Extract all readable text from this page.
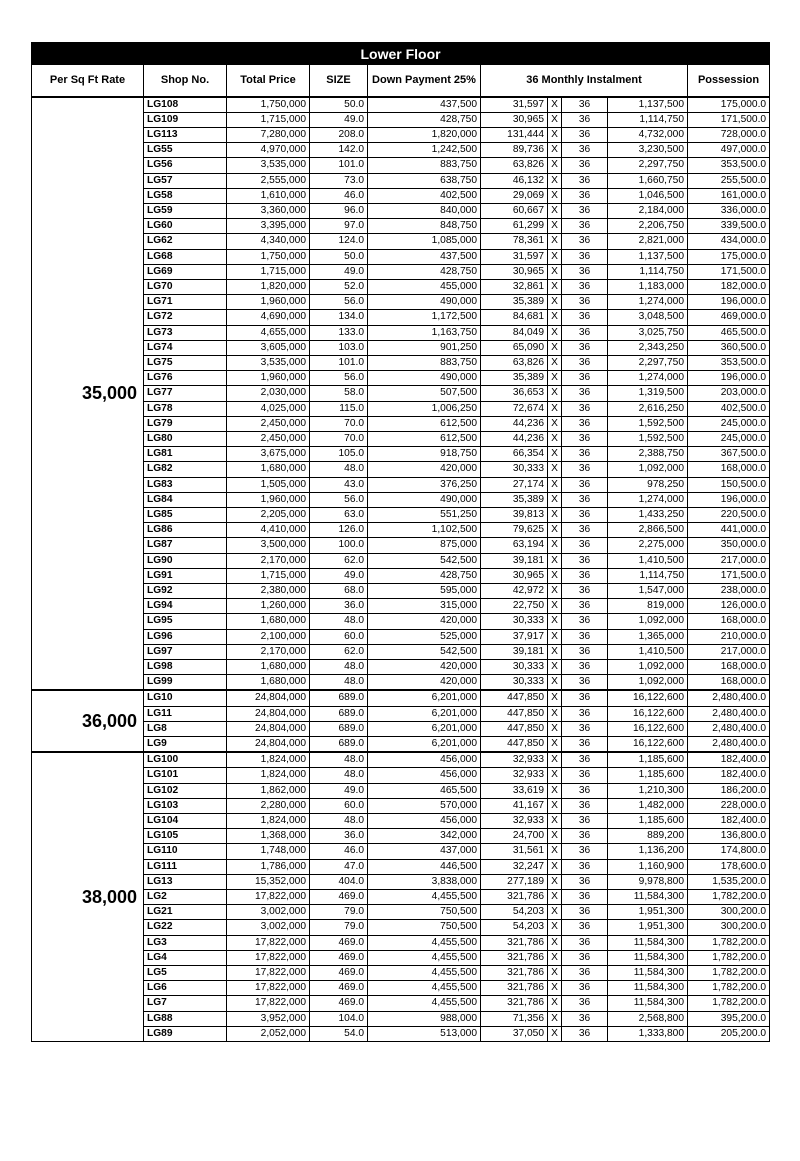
Lower Floor									
Per Sq Ft Rate	Shop No.	Total Price	SIZE	Down Payment 25%	36 Monthly Instalment				Possession
35,000	LG108	1,750,000	50.0	437,500	31,597	X	36	1,137,500	175,000.0
	LG109	1,715,000	49.0	428,750	30,965	X	36	1,114,750	171,500.0
	LG113	7,280,000	208.0	1,820,000	131,444	X	36	4,732,000	728,000.0
	LG55	4,970,000	142.0	1,242,500	89,736	X	36	3,230,500	497,000.0
	LG56	3,535,000	101.0	883,750	63,826	X	36	2,297,750	353,500.0
	LG57	2,555,000	73.0	638,750	46,132	X	36	1,660,750	255,500.0
	LG58	1,610,000	46.0	402,500	29,069	X	36	1,046,500	161,000.0
	LG59	3,360,000	96.0	840,000	60,667	X	36	2,184,000	336,000.0
	LG60	3,395,000	97.0	848,750	61,299	X	36	2,206,750	339,500.0
	LG62	4,340,000	124.0	1,085,000	78,361	X	36	2,821,000	434,000.0
	LG68	1,750,000	50.0	437,500	31,597	X	36	1,137,500	175,000.0
	LG69	1,715,000	49.0	428,750	30,965	X	36	1,114,750	171,500.0
	LG70	1,820,000	52.0	455,000	32,861	X	36	1,183,000	182,000.0
	LG71	1,960,000	56.0	490,000	35,389	X	36	1,274,000	196,000.0
	LG72	4,690,000	134.0	1,172,500	84,681	X	36	3,048,500	469,000.0
	LG73	4,655,000	133.0	1,163,750	84,049	X	36	3,025,750	465,500.0
	LG74	3,605,000	103.0	901,250	65,090	X	36	2,343,250	360,500.0
	LG75	3,535,000	101.0	883,750	63,826	X	36	2,297,750	353,500.0
	LG76	1,960,000	56.0	490,000	35,389	X	36	1,274,000	196,000.0
	LG77	2,030,000	58.0	507,500	36,653	X	36	1,319,500	203,000.0
	LG78	4,025,000	115.0	1,006,250	72,674	X	36	2,616,250	402,500.0
	LG79	2,450,000	70.0	612,500	44,236	X	36	1,592,500	245,000.0
	LG80	2,450,000	70.0	612,500	44,236	X	36	1,592,500	245,000.0
	LG81	3,675,000	105.0	918,750	66,354	X	36	2,388,750	367,500.0
	LG82	1,680,000	48.0	420,000	30,333	X	36	1,092,000	168,000.0
	LG83	1,505,000	43.0	376,250	27,174	X	36	978,250	150,500.0
	LG84	1,960,000	56.0	490,000	35,389	X	36	1,274,000	196,000.0
	LG85	2,205,000	63.0	551,250	39,813	X	36	1,433,250	220,500.0
	LG86	4,410,000	126.0	1,102,500	79,625	X	36	2,866,500	441,000.0
	LG87	3,500,000	100.0	875,000	63,194	X	36	2,275,000	350,000.0
	LG90	2,170,000	62.0	542,500	39,181	X	36	1,410,500	217,000.0
	LG91	1,715,000	49.0	428,750	30,965	X	36	1,114,750	171,500.0
	LG92	2,380,000	68.0	595,000	42,972	X	36	1,547,000	238,000.0
	LG94	1,260,000	36.0	315,000	22,750	X	36	819,000	126,000.0
	LG95	1,680,000	48.0	420,000	30,333	X	36	1,092,000	168,000.0
	LG96	2,100,000	60.0	525,000	37,917	X	36	1,365,000	210,000.0
	LG97	2,170,000	62.0	542,500	39,181	X	36	1,410,500	217,000.0
	LG98	1,680,000	48.0	420,000	30,333	X	36	1,092,000	168,000.0
	LG99	1,680,000	48.0	420,000	30,333	X	36	1,092,000	168,000.0
36,000	LG10	24,804,000	689.0	6,201,000	447,850	X	36	16,122,600	2,480,400.0
	LG11	24,804,000	689.0	6,201,000	447,850	X	36	16,122,600	2,480,400.0
	LG8	24,804,000	689.0	6,201,000	447,850	X	36	16,122,600	2,480,400.0
	LG9	24,804,000	689.0	6,201,000	447,850	X	36	16,122,600	2,480,400.0
38,000	LG100	1,824,000	48.0	456,000	32,933	X	36	1,185,600	182,400.0
	LG101	1,824,000	48.0	456,000	32,933	X	36	1,185,600	182,400.0
	LG102	1,862,000	49.0	465,500	33,619	X	36	1,210,300	186,200.0
	LG103	2,280,000	60.0	570,000	41,167	X	36	1,482,000	228,000.0
	LG104	1,824,000	48.0	456,000	32,933	X	36	1,185,600	182,400.0
	LG105	1,368,000	36.0	342,000	24,700	X	36	889,200	136,800.0
	LG110	1,748,000	46.0	437,000	31,561	X	36	1,136,200	174,800.0
	LG111	1,786,000	47.0	446,500	32,247	X	36	1,160,900	178,600.0
	LG13	15,352,000	404.0	3,838,000	277,189	X	36	9,978,800	1,535,200.0
	LG2	17,822,000	469.0	4,455,500	321,786	X	36	11,584,300	1,782,200.0
	LG21	3,002,000	79.0	750,500	54,203	X	36	1,951,300	300,200.0
	LG22	3,002,000	79.0	750,500	54,203	X	36	1,951,300	300,200.0
	LG3	17,822,000	469.0	4,455,500	321,786	X	36	11,584,300	1,782,200.0
	LG4	17,822,000	469.0	4,455,500	321,786	X	36	11,584,300	1,782,200.0
	LG5	17,822,000	469.0	4,455,500	321,786	X	36	11,584,300	1,782,200.0
	LG6	17,822,000	469.0	4,455,500	321,786	X	36	11,584,300	1,782,200.0
	LG7	17,822,000	469.0	4,455,500	321,786	X	36	11,584,300	1,782,200.0
	LG88	3,952,000	104.0	988,000	71,356	X	36	2,568,800	395,200.0
	LG89	2,052,000	54.0	513,000	37,050	X	36	1,333,800	205,200.0
